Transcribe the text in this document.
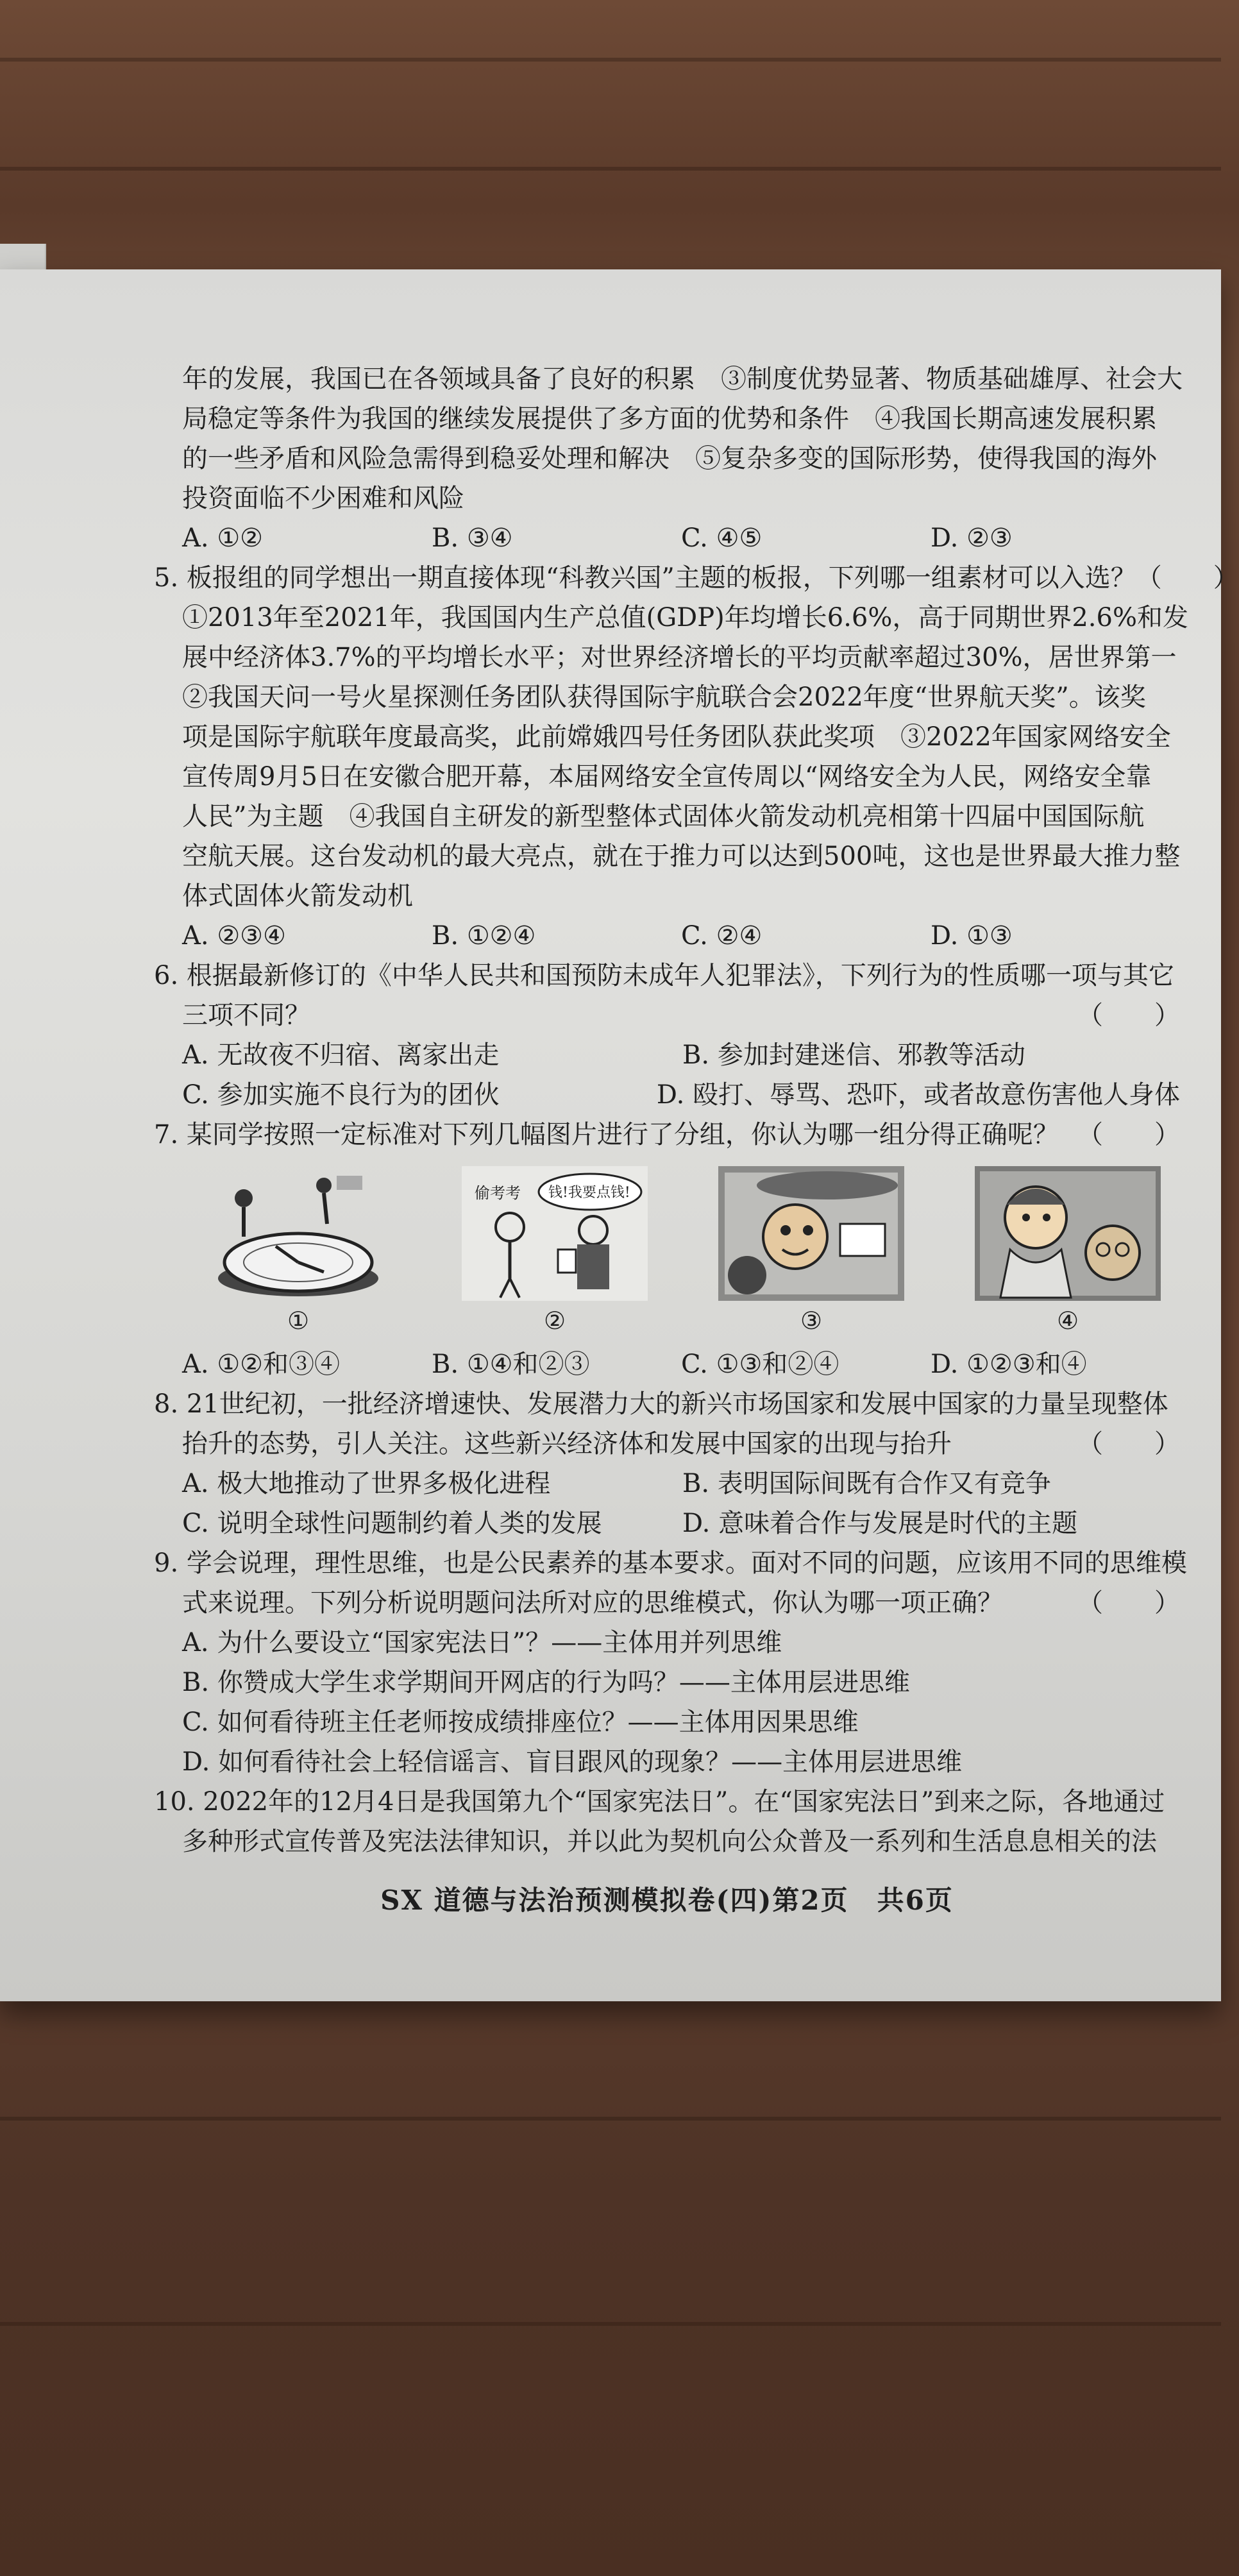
年的发展，我国已在各领域具备了良好的积累　③制度优势显著、物质基础雄厚、社会大
局稳定等条件为我国的继续发展提供了多方面的优势和条件　④我国长期高速发展积累
的一些矛盾和风险急需得到稳妥处理和解决　⑤复杂多变的国际形势，使得我国的海外
投资面临不少困难和风险
A. ①②	B. ③④	C. ④⑤	D. ②③
5. 板报组的同学想出一期直接体现“科教兴国”主题的板报，下列哪一组素材可以入选？ （　　）
①2013年至2021年，我国国内生产总值(GDP)年均增长6.6%，高于同期世界2.6%和发
展中经济体3.7%的平均增长水平；对世界经济增长的平均贡献率超过30%，居世界第一
②我国天问一号火星探测任务团队获得国际宇航联合会2022年度“世界航天奖”。该奖
项是国际宇航联年度最高奖，此前嫦娥四号任务团队获此奖项　③2022年国家网络安全
宣传周9月5日在安徽合肥开幕，本届网络安全宣传周以“网络安全为人民，网络安全靠
人民”为主题　④我国自主研发的新型整体式固体火箭发动机亮相第十四届中国国际航
空航天展。这台发动机的最大亮点，就在于推力可以达到500吨，这也是世界最大推力整
体式固体火箭发动机
A. ②③④	B. ①②④	C. ②④	D. ①③
6. 根据最新修订的《中华人民共和国预防未成年人犯罪法》，下列行为的性质哪一项与其它
三项不同？	（　　）
A. 无故夜不归宿、离家出走	B. 参加封建迷信、邪教等活动
C. 参加实施不良行为的团伙	D. 殴打、辱骂、恐吓，或者故意伤害他人身体
7. 某同学按照一定标准对下列几幅图片进行了分组，你认为哪一组分得正确呢？ （　　）
①
偷考考 钱!我要点钱!
②	③	④
A. ①②和③④	B. ①④和②③	C. ①③和②④	D. ①②③和④
8. 21世纪初，一批经济增速快、发展潜力大的新兴市场国家和发展中国家的力量呈现整体
抬升的态势，引人关注。这些新兴经济体和发展中国家的出现与抬升	（　　）
A. 极大地推动了世界多极化进程	B. 表明国际间既有合作又有竞争
C. 说明全球性问题制约着人类的发展	D. 意味着合作与发展是时代的主题
9. 学会说理，理性思维，也是公民素养的基本要求。面对不同的问题，应该用不同的思维模
式来说理。下列分析说明题问法所对应的思维模式，你认为哪一项正确？	（　　）
A. 为什么要设立“国家宪法日”？——主体用并列思维
B. 你赞成大学生求学期间开网店的行为吗？——主体用层进思维
C. 如何看待班主任老师按成绩排座位？——主体用因果思维
D. 如何看待社会上轻信谣言、盲目跟风的现象？——主体用层进思维
10. 2022年的12月4日是我国第九个“国家宪法日”。在“国家宪法日”到来之际，各地通过
多种形式宣传普及宪法法律知识，并以此为契机向公众普及一系列和生活息息相关的法
SX 道德与法治预测模拟卷(四)第2页　共6页
